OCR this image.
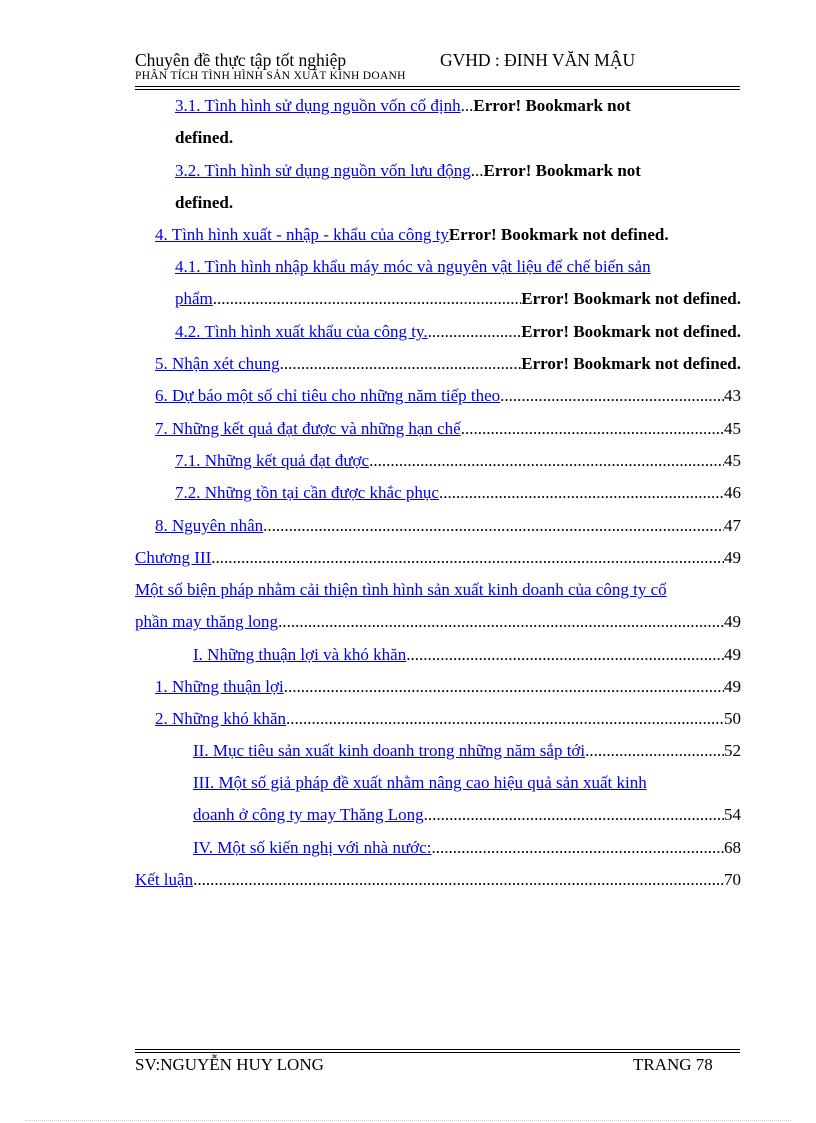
Chuyên đề thực tập tốt nghiệp	GVHD : ĐINH VĂN MẬU
PHÂN TÍCH TÌNH HÌNH SẢN XUẤT KINH DOANH
3.1. Tình hình sử dụng nguồn vốn cố định ... Error! Bookmark not
defined.
3.2. Tình hình sử dụng nguồn vốn lưu động ... Error! Bookmark not
defined.
4. Tình hình xuất - nhập - khẩu của công ty Error! Bookmark not defined.
4.1. Tình hình nhập khẩu máy móc và nguyên vật liệu để chế biến sản
phẩm .....	Error! Bookmark not defined.
4.2. Tình hình xuất khẩu của công ty. .....	Error! Bookmark not defined.
5. Nhận xét chung .....	Error! Bookmark not defined.
6. Dự báo một số chỉ tiêu cho những năm tiếp theo .....	43
7. Những kết quả đạt được và những hạn chế .....	45
7.1. Những kết quả đạt được .....	45
7.2. Những tồn tại cần được khắc phục .....	46
8. Nguyên nhân .....	47
Chương III .....	49
Một số biện pháp nhằm cải thiện tình hình sản xuất kinh doanh của công ty cổ
phần may thăng long .....	49
I. Những thuận lợi và khó khăn .....	49
1. Những thuận lợi .....	49
2. Những khó khăn .....	50
II. Mục tiêu sản xuất kinh doanh trong những năm sắp tới .....	52
III. Một số giả pháp đề xuất nhằm nâng cao hiệu quả sản xuất kinh
doanh ở công ty may Thăng Long .....	54
IV. Một số kiến nghị với nhà nước: .....	68
Kết luận .....	70
SV:NGUYỄN HUY LONG	TRANG 78
